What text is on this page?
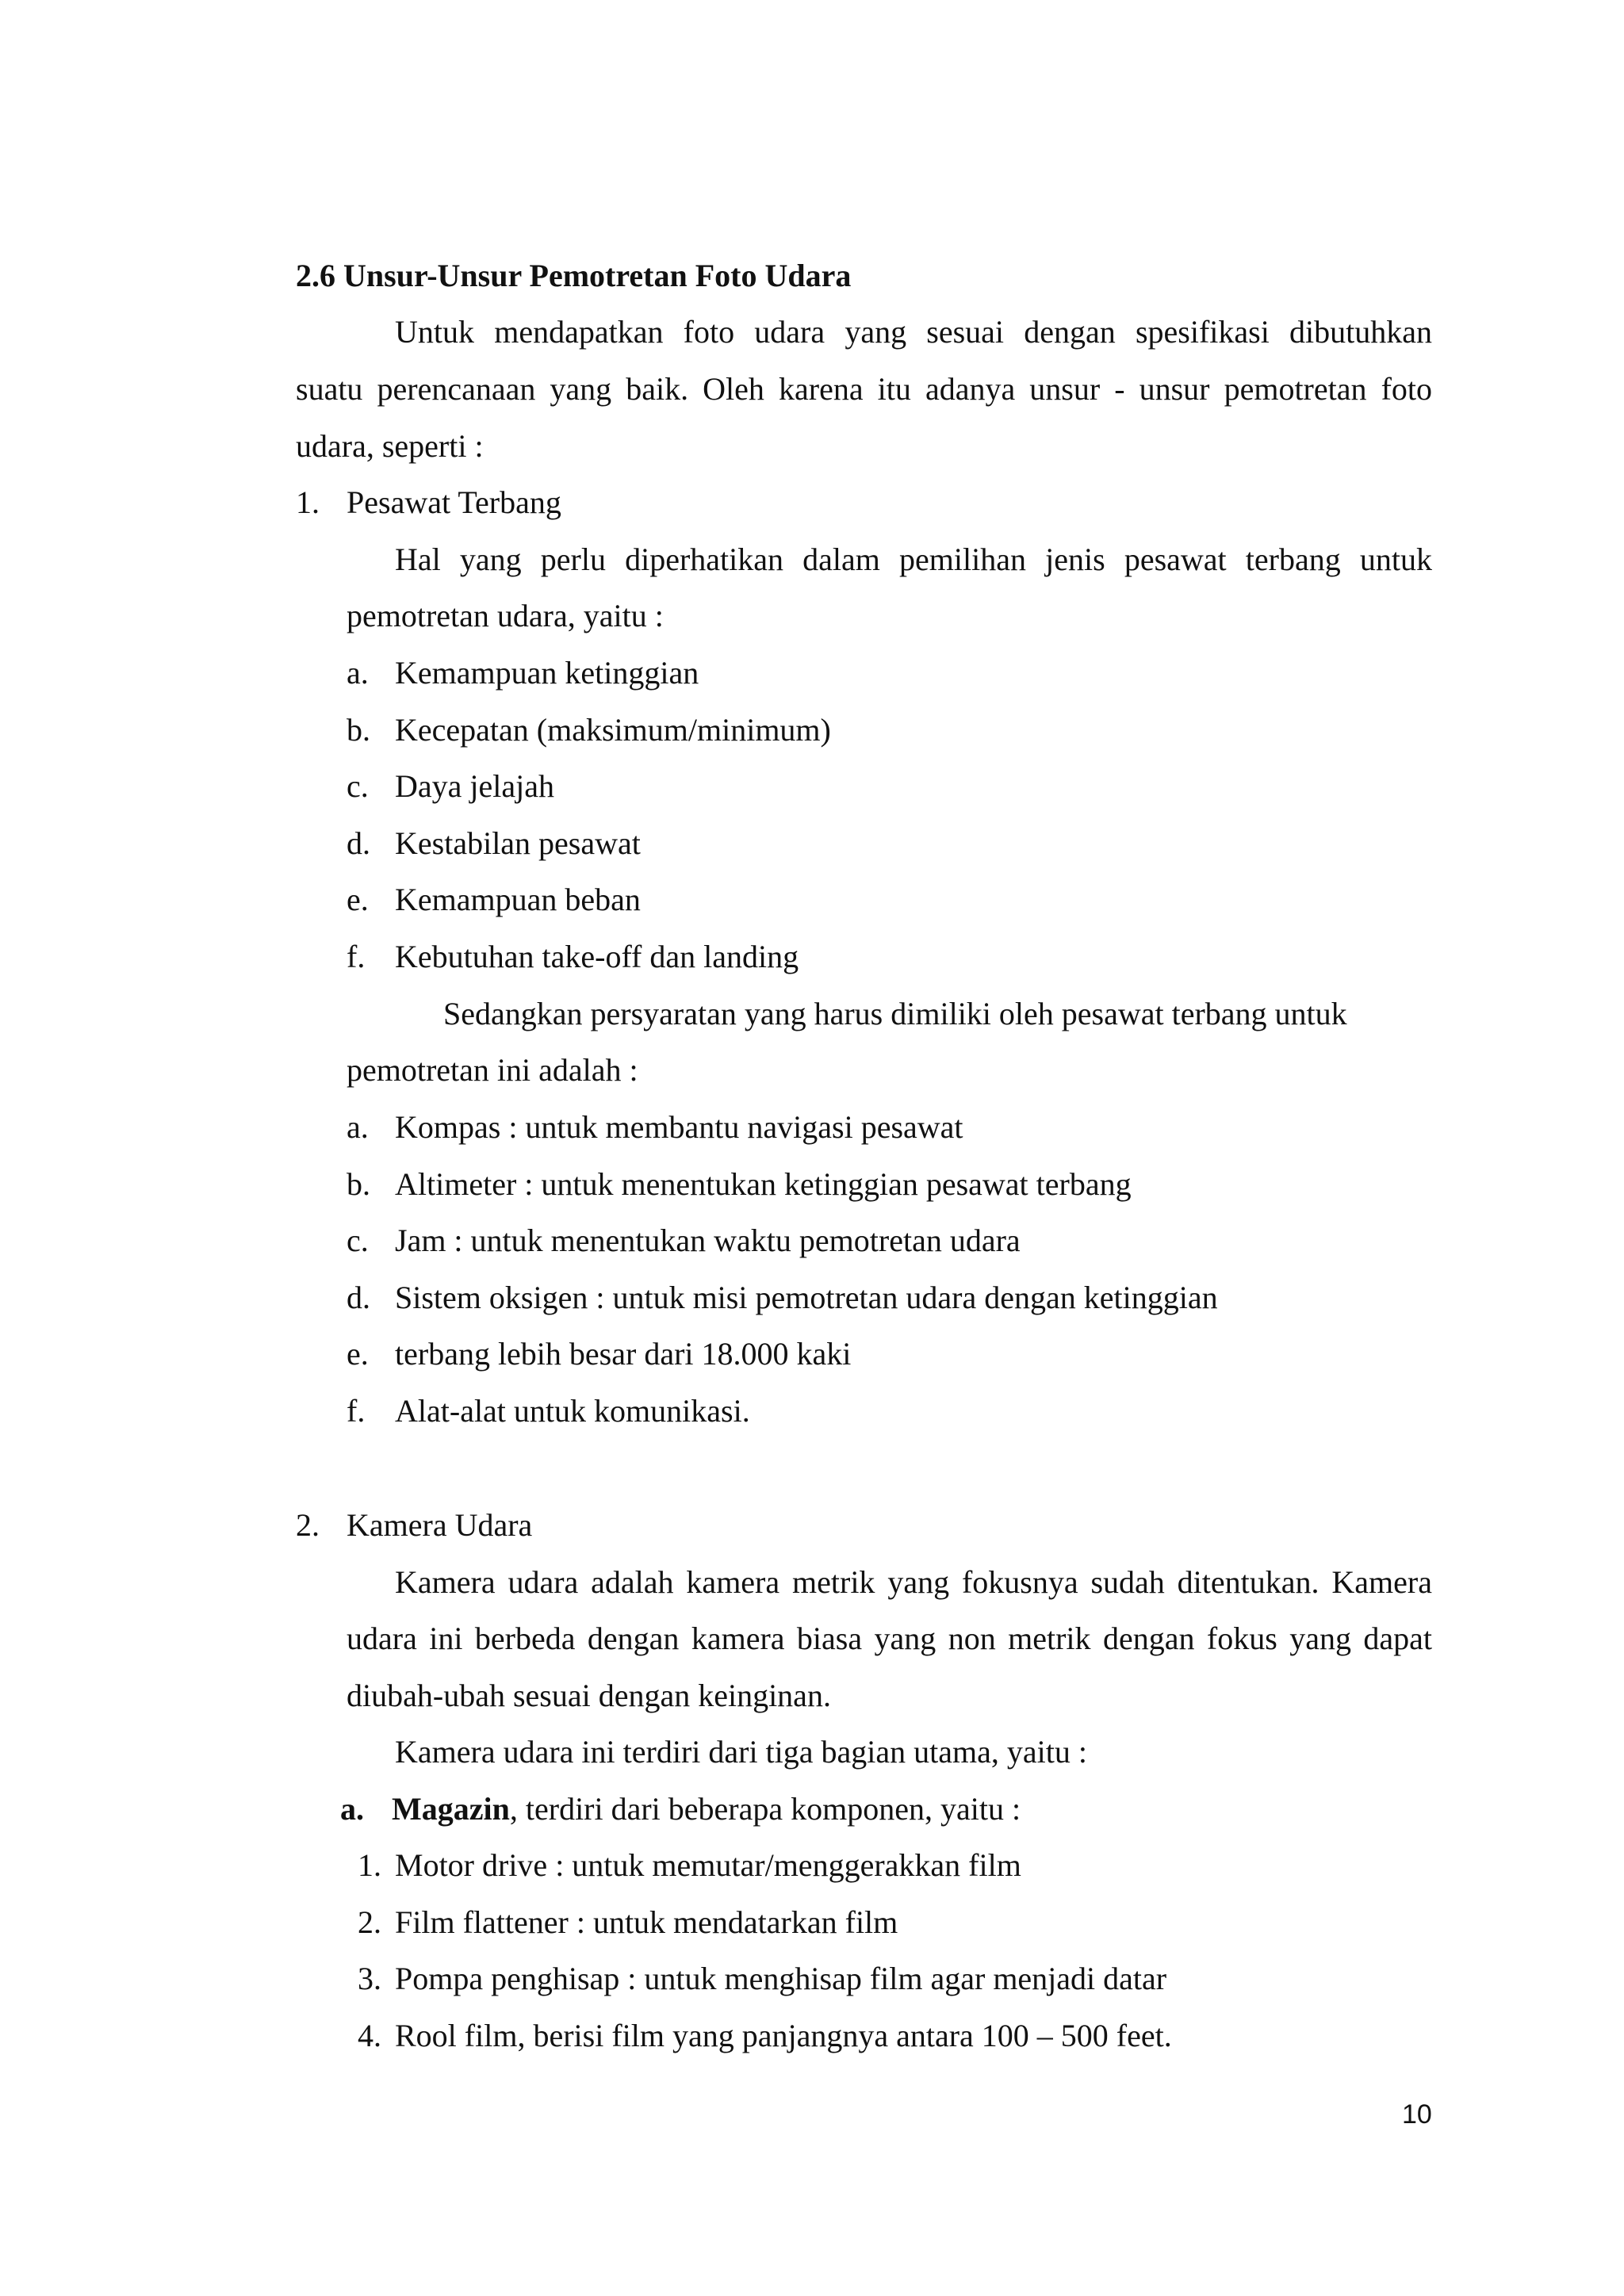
2.6 Unsur-Unsur Pemotretan Foto Udara
Untuk mendapatkan foto udara yang sesuai dengan spesifikasi dibutuhkan
suatu perencanaan yang baik. Oleh karena itu adanya unsur - unsur pemotretan foto
udara, seperti :
1. Pesawat Terbang
Hal yang perlu diperhatikan dalam pemilihan jenis pesawat terbang untuk
pemotretan udara, yaitu :
a. Kemampuan ketinggian
b. Kecepatan (maksimum/minimum)
c. Daya jelajah
d. Kestabilan pesawat
e. Kemampuan beban
f. Kebutuhan take-off dan landing
Sedangkan persyaratan yang harus dimiliki oleh pesawat terbang untuk
pemotretan ini adalah :
a. Kompas : untuk membantu navigasi pesawat
b. Altimeter : untuk menentukan ketinggian pesawat terbang
c. Jam : untuk menentukan waktu pemotretan udara
d. Sistem oksigen : untuk misi pemotretan udara dengan ketinggian
e. terbang lebih besar dari 18.000 kaki
f. Alat-alat untuk komunikasi.
2. Kamera Udara
Kamera udara adalah kamera metrik yang fokusnya sudah ditentukan. Kamera
udara ini berbeda dengan kamera biasa yang non metrik dengan fokus yang dapat
diubah-ubah sesuai dengan keinginan.
Kamera udara ini terdiri dari tiga bagian utama, yaitu :
a. Magazin, terdiri dari beberapa komponen, yaitu :
1. Motor drive : untuk memutar/menggerakkan film
2. Film flattener : untuk mendatarkan film
3. Pompa penghisap : untuk menghisap film agar menjadi datar
4. Rool film, berisi film yang panjangnya antara 100 – 500 feet.
10
